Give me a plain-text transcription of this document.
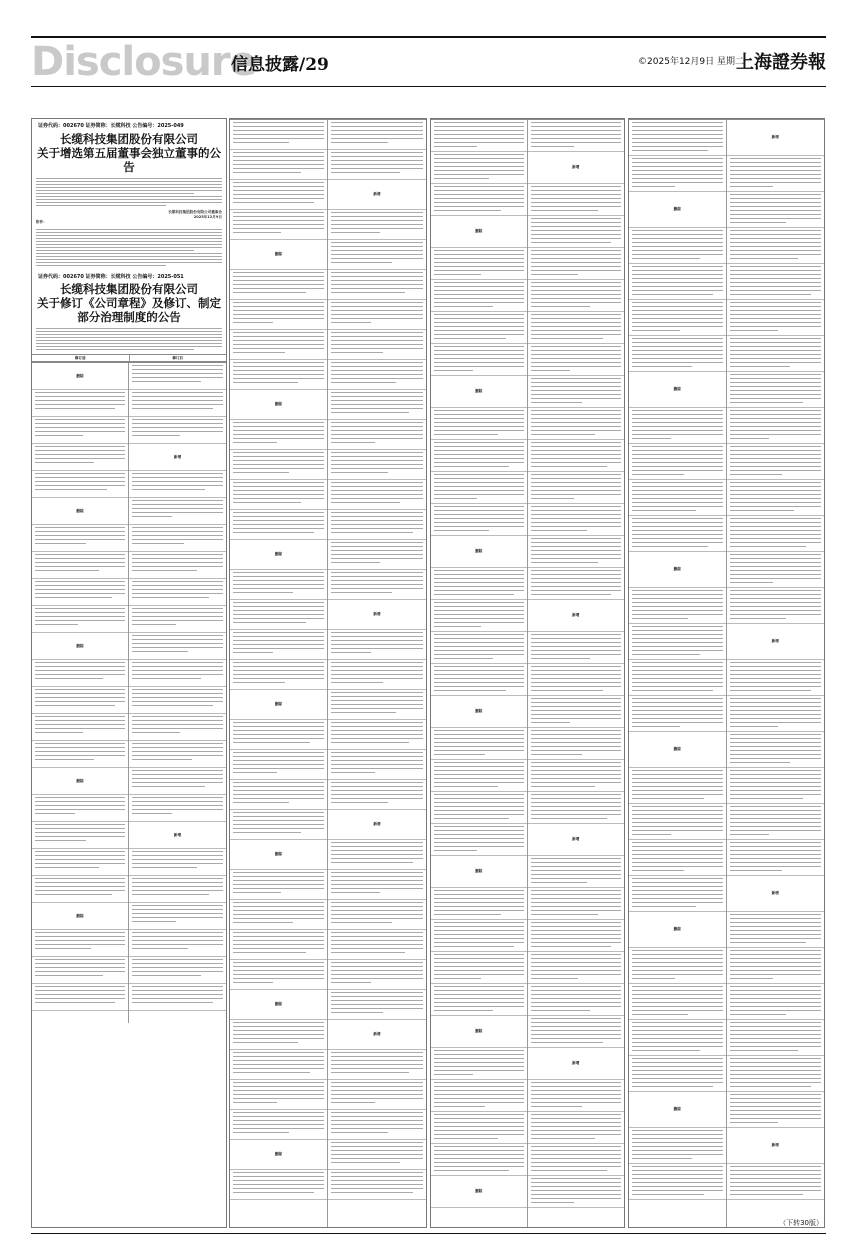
Disclosure
信息披露/29	©2025年12月9日 星期二
上海證券報
证券代码：002670 证券简称：长缆科技 公告编号：2025-049
长缆科技集团股份有限公司
关于增选第五届董事会独立董事的公告
长缆科技集团股份有限公司董事会
2025年12月9日
附件：
证券代码：002670 证券简称：长缆科技 公告编号：2025-051
长缆科技集团股份有限公司
关于修订《公司章程》及修订、制定
部分治理制度的公告
修订前	修订后
删除
删除
删除
删除
删除
新增
新增
删除
删除
删除
删除
删除
删除
删除
新增
新增
新增
新增
删除
删除
删除
删除
删除
删除
删除
新增
新增
新增
新增
删除
删除
删除
删除
删除
删除
新增
新增
新增
新增
（下转30版）
